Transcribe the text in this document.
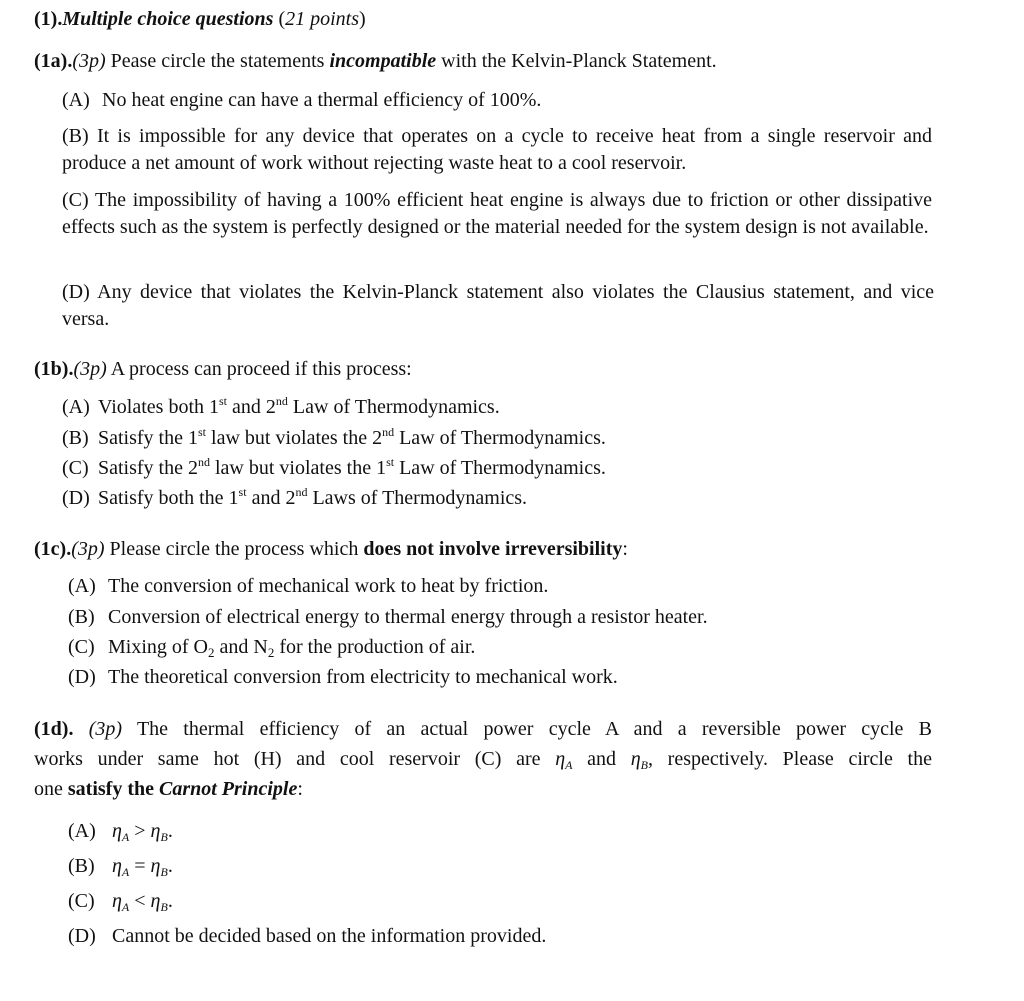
(1).Multiple choice questions (21 points)
(1a).(3p) Pease circle the statements incompatible with the Kelvin-Planck Statement.
(A) No heat engine can have a thermal efficiency of 100%.
(B) It is impossible for any device that operates on a cycle to receive heat from a single reservoir and produce a net amount of work without rejecting waste heat to a cool reservoir.
(C) The impossibility of having a 100% efficient heat engine is always due to friction or other dissipative effects such as the system is perfectly designed or the material needed for the system design is not available.
(D) Any device that violates the Kelvin-Planck statement also violates the Clausius statement, and vice versa.
(1b).(3p) A process can proceed if this process:
(A) Violates both 1st and 2nd Law of Thermodynamics.
(B) Satisfy the 1st law but violates the 2nd Law of Thermodynamics.
(C) Satisfy the 2nd law but violates the 1st Law of Thermodynamics.
(D) Satisfy both the 1st and 2nd Laws of Thermodynamics.
(1c).(3p) Please circle the process which does not involve irreversibility:
(A) The conversion of mechanical work to heat by friction.
(B) Conversion of electrical energy to thermal energy through a resistor heater.
(C) Mixing of $O_2$ and $N_2$ for the production of air.
(D) The theoretical conversion from electricity to mechanical work.
(1d). (3p) The thermal efficiency of an actual power cycle A and a reversible power cycle B
works under same hot (H) and cool reservoir (C) are $\eta_A$ and $\eta_B$, respectively. Please circle the
one satisfy the Carnot Principle:
(A) $\eta_A > \eta_B$.
(B) $\eta_A = \eta_B$.
(C) $\eta_A < \eta_B$.
(D) Cannot be decided based on the information provided.
